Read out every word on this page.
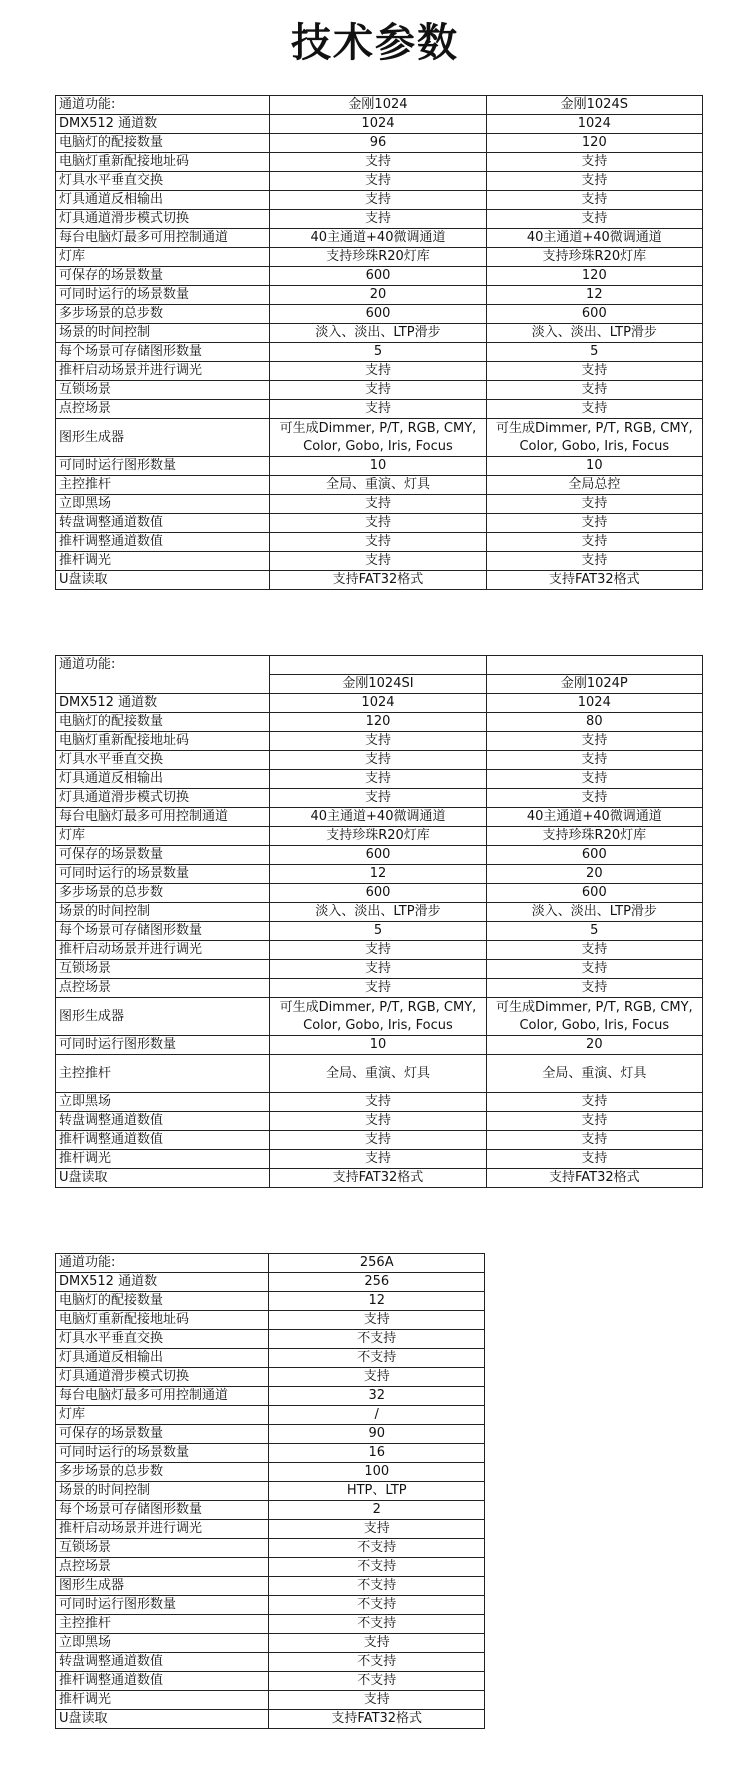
技术参数
通道功能:	金刚1024	金刚1024S
DMX512 通道数	1024	1024
电脑灯的配接数量	96	120
电脑灯重新配接地址码	支持	支持
灯具水平垂直交换	支持	支持
灯具通道反相输出	支持	支持
灯具通道滑步模式切换	支持	支持
每台电脑灯最多可用控制通道	40主通道+40微调通道	40主通道+40微调通道
灯库	支持珍珠R20灯库	支持珍珠R20灯库
可保存的场景数量	600	120
可同时运行的场景数量	20	12
多步场景的总步数	600	600
场景的时间控制	淡入、淡出、LTP滑步	淡入、淡出、LTP滑步
每个场景可存储图形数量	5	5
推杆启动场景并进行调光	支持	支持
互锁场景	支持	支持
点控场景	支持	支持
图形生成器	可生成Dimmer, P/T, RGB, CMY, Color, Gobo, Iris, Focus	可生成Dimmer, P/T, RGB, CMY, Color, Gobo, Iris, Focus
可同时运行图形数量	10	10
主控推杆	全局、重演、灯具	全局总控
立即黑场	支持	支持
转盘调整通道数值	支持	支持
推杆调整通道数值	支持	支持
推杆调光	支持	支持
U盘读取	支持FAT32格式	支持FAT32格式
通道功能:		
	金刚1024SI	金刚1024P
DMX512 通道数	1024	1024
电脑灯的配接数量	120	80
电脑灯重新配接地址码	支持	支持
灯具水平垂直交换	支持	支持
灯具通道反相输出	支持	支持
灯具通道滑步模式切换	支持	支持
每台电脑灯最多可用控制通道	40主通道+40微调通道	40主通道+40微调通道
灯库	支持珍珠R20灯库	支持珍珠R20灯库
可保存的场景数量	600	600
可同时运行的场景数量	12	20
多步场景的总步数	600	600
场景的时间控制	淡入、淡出、LTP滑步	淡入、淡出、LTP滑步
每个场景可存储图形数量	5	5
推杆启动场景并进行调光	支持	支持
互锁场景	支持	支持
点控场景	支持	支持
图形生成器	可生成Dimmer, P/T, RGB, CMY, Color, Gobo, Iris, Focus	可生成Dimmer, P/T, RGB, CMY, Color, Gobo, Iris, Focus
可同时运行图形数量	10	20
主控推杆	全局、重演、灯具	全局、重演、灯具
立即黑场	支持	支持
转盘调整通道数值	支持	支持
推杆调整通道数值	支持	支持
推杆调光	支持	支持
U盘读取	支持FAT32格式	支持FAT32格式
通道功能:	256A
DMX512 通道数	256
电脑灯的配接数量	12
电脑灯重新配接地址码	支持
灯具水平垂直交换	不支持
灯具通道反相输出	不支持
灯具通道滑步模式切换	支持
每台电脑灯最多可用控制通道	32
灯库	/
可保存的场景数量	90
可同时运行的场景数量	16
多步场景的总步数	100
场景的时间控制	HTP、LTP
每个场景可存储图形数量	2
推杆启动场景并进行调光	支持
互锁场景	不支持
点控场景	不支持
图形生成器	不支持
可同时运行图形数量	不支持
主控推杆	不支持
立即黑场	支持
转盘调整通道数值	不支持
推杆调整通道数值	不支持
推杆调光	支持
U盘读取	支持FAT32格式
